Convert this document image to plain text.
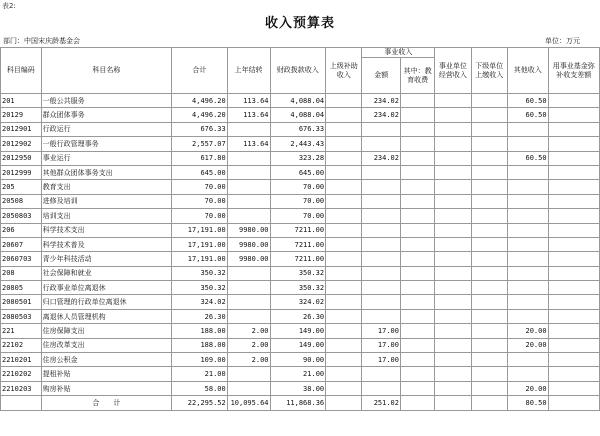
表2:
收入预算表
部门：中国宋庆龄基金会	单位：万元
科目编码	科目名称	合计	上年结转	财政拨款收入	上级补助收入	事业收入		事业单位经营收入	下级单位上缴收入	其他收入	用事业基金弥补收支差额
						金额	其中：教育收费				
201	一般公共服务	4,496.20	113.64	4,088.04		234.02				60.50	
20129	群众团体事务	4,496.20	113.64	4,088.04		234.02				60.50	
2012901	行政运行	676.33		676.33							
2012902	一般行政管理事务	2,557.07	113.64	2,443.43							
2012950	事业运行	617.80		323.28		234.02				60.50	
2012999	其他群众团体事务支出	645.00		645.00							
205	教育支出	70.00		70.00							
20508	进修及培训	70.00		70.00							
2050803	培训支出	70.00		70.00							
206	科学技术支出	17,191.00	9980.00	7211.00							
20607	科学技术普及	17,191.00	9980.00	7211.00							
2060703	青少年科技活动	17,191.00	9980.00	7211.00							
208	社会保障和就业	350.32		350.32							
20805	行政事业单位离退休	350.32		350.32							
2080501	归口管理的行政单位离退休	324.02		324.02							
2080503	离退休人员管理机构	26.30		26.30							
221	住房保障支出	188.00	2.00	149.00		17.00				20.00	
22102	住房改革支出	188.00	2.00	149.00		17.00				20.00	
2210201	住房公积金	109.00	2.00	90.00		17.00					
2210202	提租补贴	21.00		21.00							
2210203	购房补贴	58.00		38.00						20.00	
	合　　计	22,295.52	10,095.64	11,868.36		251.02				80.50	
